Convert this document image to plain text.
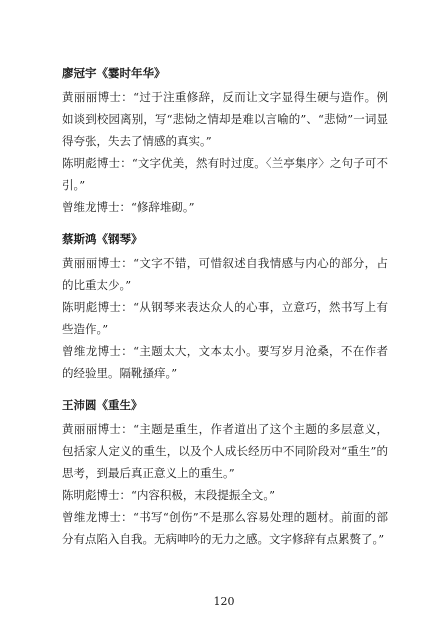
廖冠宇《霎时年华》

黄丽丽博士：“过于注重修辞，反而让文字显得生硬与造作。例如谈到校园离别，写“悲恸之情却是难以言喻的”、“悲恸”一词显得夸张，失去了情感的真实。”

陈明彪博士：“文字优美，然有时过度。〈兰亭集序〉之句子可不引。”

曾维龙博士：“修辞堆砌。”

蔡斯鸿《钢琴》

黄丽丽博士：“文字不错，可惜叙述自我情感与内心的部分，占的比重太少。”

陈明彪博士：“从钢琴来表达众人的心事，立意巧，然书写上有些造作。”

曾维龙博士：“主题太大，文本太小。要写岁月沧桑，不在作者的经验里。隔靴搔痒。”

王沛圆《重生》

黄丽丽博士：“主题是重生，作者道出了这个主题的多层意义，包括家人定义的重生，以及个人成长经历中不同阶段对“重生”的思考，到最后真正意义上的重生。”

陈明彪博士：“内容积极，末段提振全文。”

曾维龙博士：“书写“创伤”不是那么容易处理的题材。前面的部分有点陷入自我。无病呻吟的无力之感。文字修辞有点累赘了。”

120
